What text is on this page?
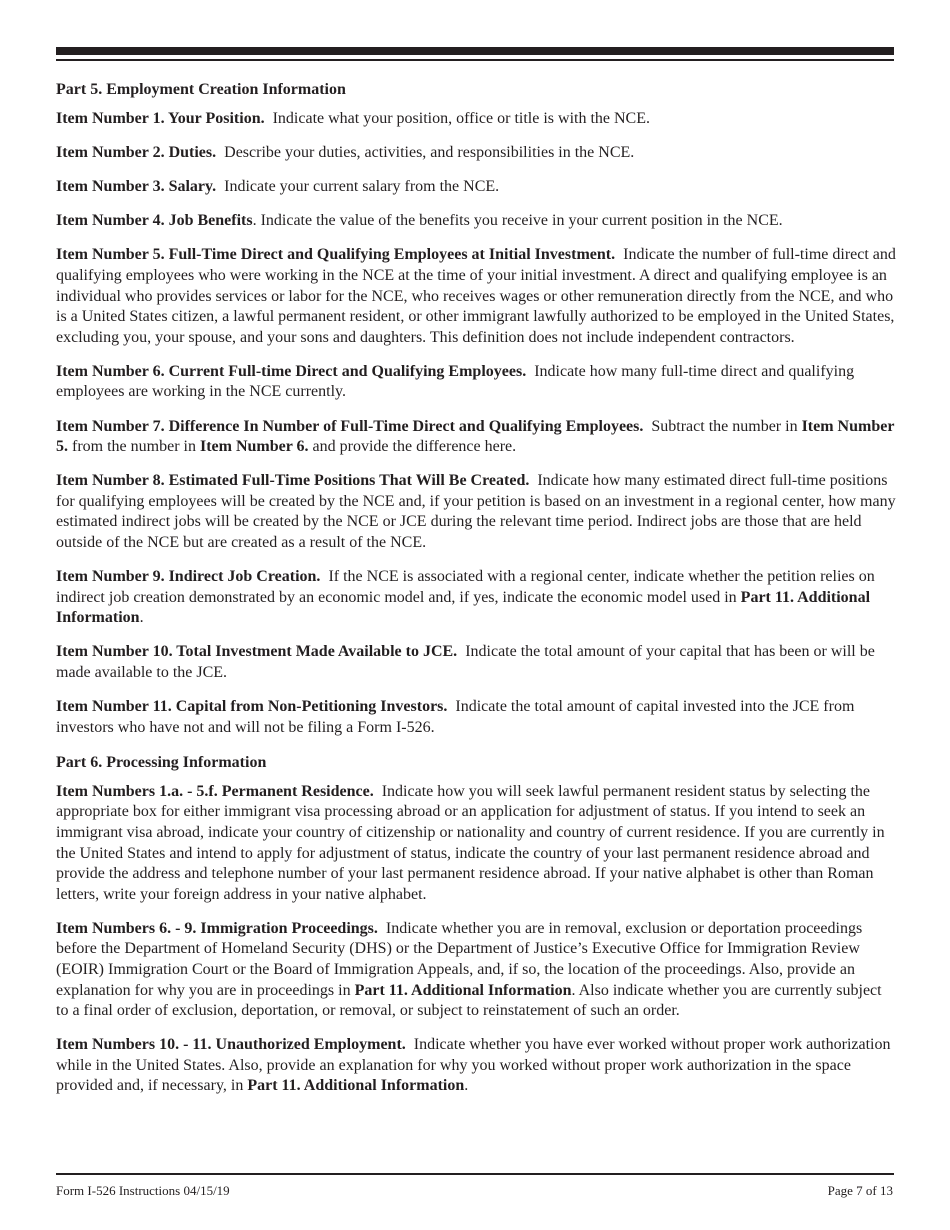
Part 5. Employment Creation Information

Item Number 1. Your Position. Indicate what your position, office or title is with the NCE.

Item Number 2. Duties. Describe your duties, activities, and responsibilities in the NCE.

Item Number 3. Salary. Indicate your current salary from the NCE.

Item Number 4. Job Benefits. Indicate the value of the benefits you receive in your current position in the NCE.

Item Number 5. Full-Time Direct and Qualifying Employees at Initial Investment. Indicate the number of full-time direct and qualifying employees who were working in the NCE at the time of your initial investment. A direct and qualifying employee is an individual who provides services or labor for the NCE, who receives wages or other remuneration directly from the NCE, and who is a United States citizen, a lawful permanent resident, or other immigrant lawfully authorized to be employed in the United States, excluding you, your spouse, and your sons and daughters. This definition does not include independent contractors.

Item Number 6. Current Full-time Direct and Qualifying Employees. Indicate how many full-time direct and qualifying employees are working in the NCE currently.

Item Number 7. Difference In Number of Full-Time Direct and Qualifying Employees. Subtract the number in Item Number 5. from the number in Item Number 6. and provide the difference here.

Item Number 8. Estimated Full-Time Positions That Will Be Created. Indicate how many estimated direct full-time positions for qualifying employees will be created by the NCE and, if your petition is based on an investment in a regional center, how many estimated indirect jobs will be created by the NCE or JCE during the relevant time period. Indirect jobs are those that are held outside of the NCE but are created as a result of the NCE.

Item Number 9. Indirect Job Creation. If the NCE is associated with a regional center, indicate whether the petition relies on indirect job creation demonstrated by an economic model and, if yes, indicate the economic model used in Part 11. Additional Information.

Item Number 10. Total Investment Made Available to JCE. Indicate the total amount of your capital that has been or will be made available to the JCE.

Item Number 11. Capital from Non-Petitioning Investors. Indicate the total amount of capital invested into the JCE from investors who have not and will not be filing a Form I-526.

Part 6. Processing Information

Item Numbers 1.a. - 5.f. Permanent Residence. Indicate how you will seek lawful permanent resident status by selecting the appropriate box for either immigrant visa processing abroad or an application for adjustment of status. If you intend to seek an immigrant visa abroad, indicate your country of citizenship or nationality and country of current residence. If you are currently in the United States and intend to apply for adjustment of status, indicate the country of your last permanent residence abroad and provide the address and telephone number of your last permanent residence abroad. If your native alphabet is other than Roman letters, write your foreign address in your native alphabet.

Item Numbers 6. - 9. Immigration Proceedings. Indicate whether you are in removal, exclusion or deportation proceedings before the Department of Homeland Security (DHS) or the Department of Justice’s Executive Office for Immigration Review (EOIR) Immigration Court or the Board of Immigration Appeals, and, if so, the location of the proceedings. Also, provide an explanation for why you are in proceedings in Part 11. Additional Information. Also indicate whether you are currently subject to a final order of exclusion, deportation, or removal, or subject to reinstatement of such an order.

Item Numbers 10. - 11. Unauthorized Employment. Indicate whether you have ever worked without proper work authorization while in the United States. Also, provide an explanation for why you worked without proper work authorization in the space provided and, if necessary, in Part 11. Additional Information.

Form I-526 Instructions 04/15/19	Page 7 of 13
